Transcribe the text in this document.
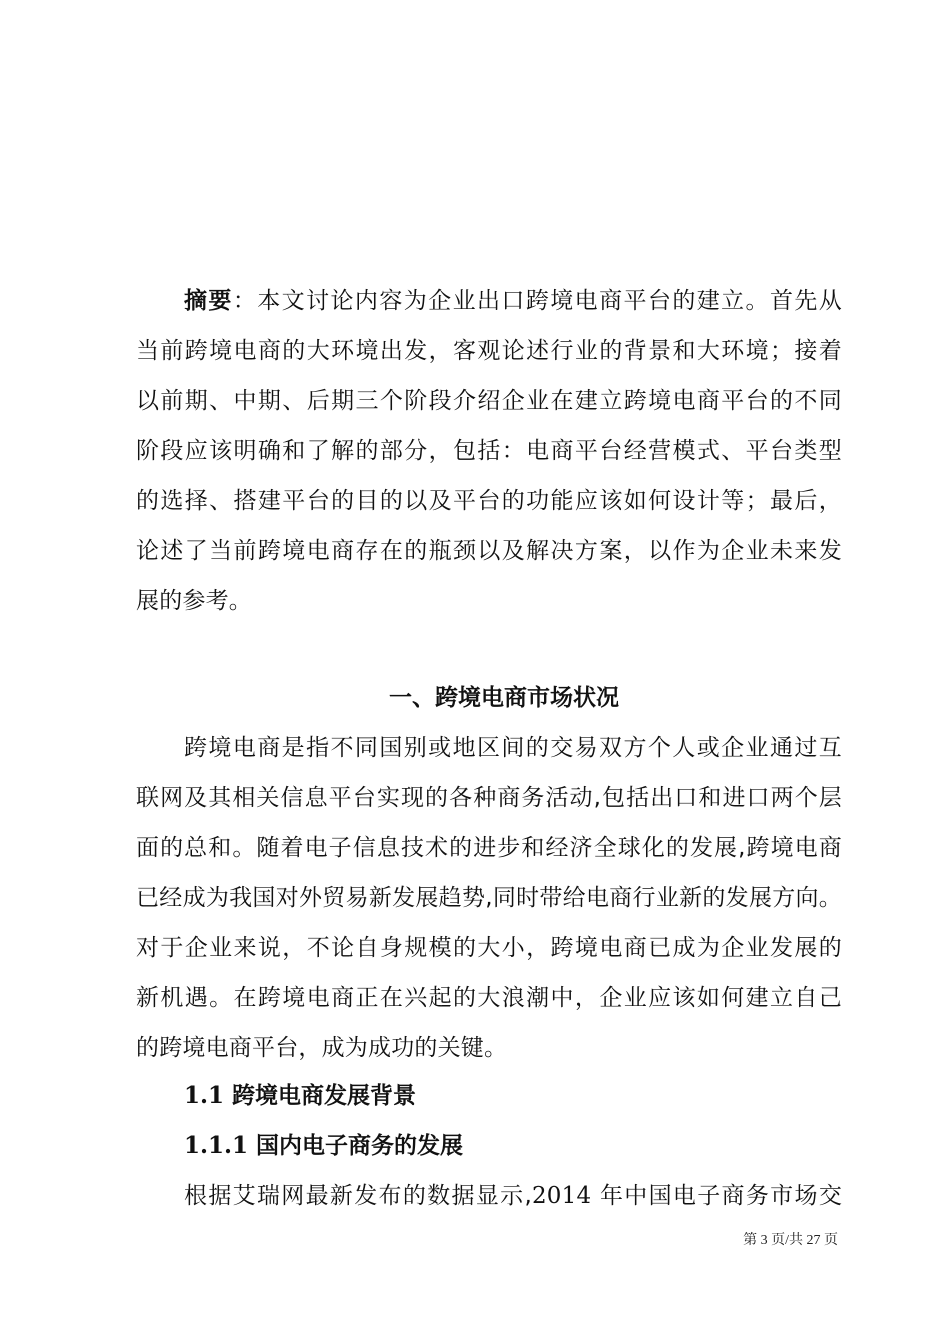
摘要：本文讨论内容为企业出口跨境电商平台的建立。首先从
当前跨境电商的大环境出发，客观论述行业的背景和大环境；接着
以前期、中期、后期三个阶段介绍企业在建立跨境电商平台的不同
阶段应该明确和了解的部分，包括：电商平台经营模式、平台类型
的选择、搭建平台的目的以及平台的功能应该如何设计等；最后，
论述了当前跨境电商存在的瓶颈以及解决方案，以作为企业未来发
展的参考。
一、跨境电商市场状况
跨境电商是指不同国别或地区间的交易双方个人或企业通过互
联网及其相关信息平台实现的各种商务活动,包括出口和进口两个层
面的总和。随着电子信息技术的进步和经济全球化的发展,跨境电商
已经成为我国对外贸易新发展趋势,同时带给电商行业新的发展方向。
对于企业来说，不论自身规模的大小，跨境电商已成为企业发展的
新机遇。在跨境电商正在兴起的大浪潮中，企业应该如何建立自己
的跨境电商平台，成为成功的关键。
1.1 跨境电商发展背景
1.1.1 国内电子商务的发展
根据艾瑞网最新发布的数据显示,2014 年中国电子商务市场交
第 3 页/共 27 页
